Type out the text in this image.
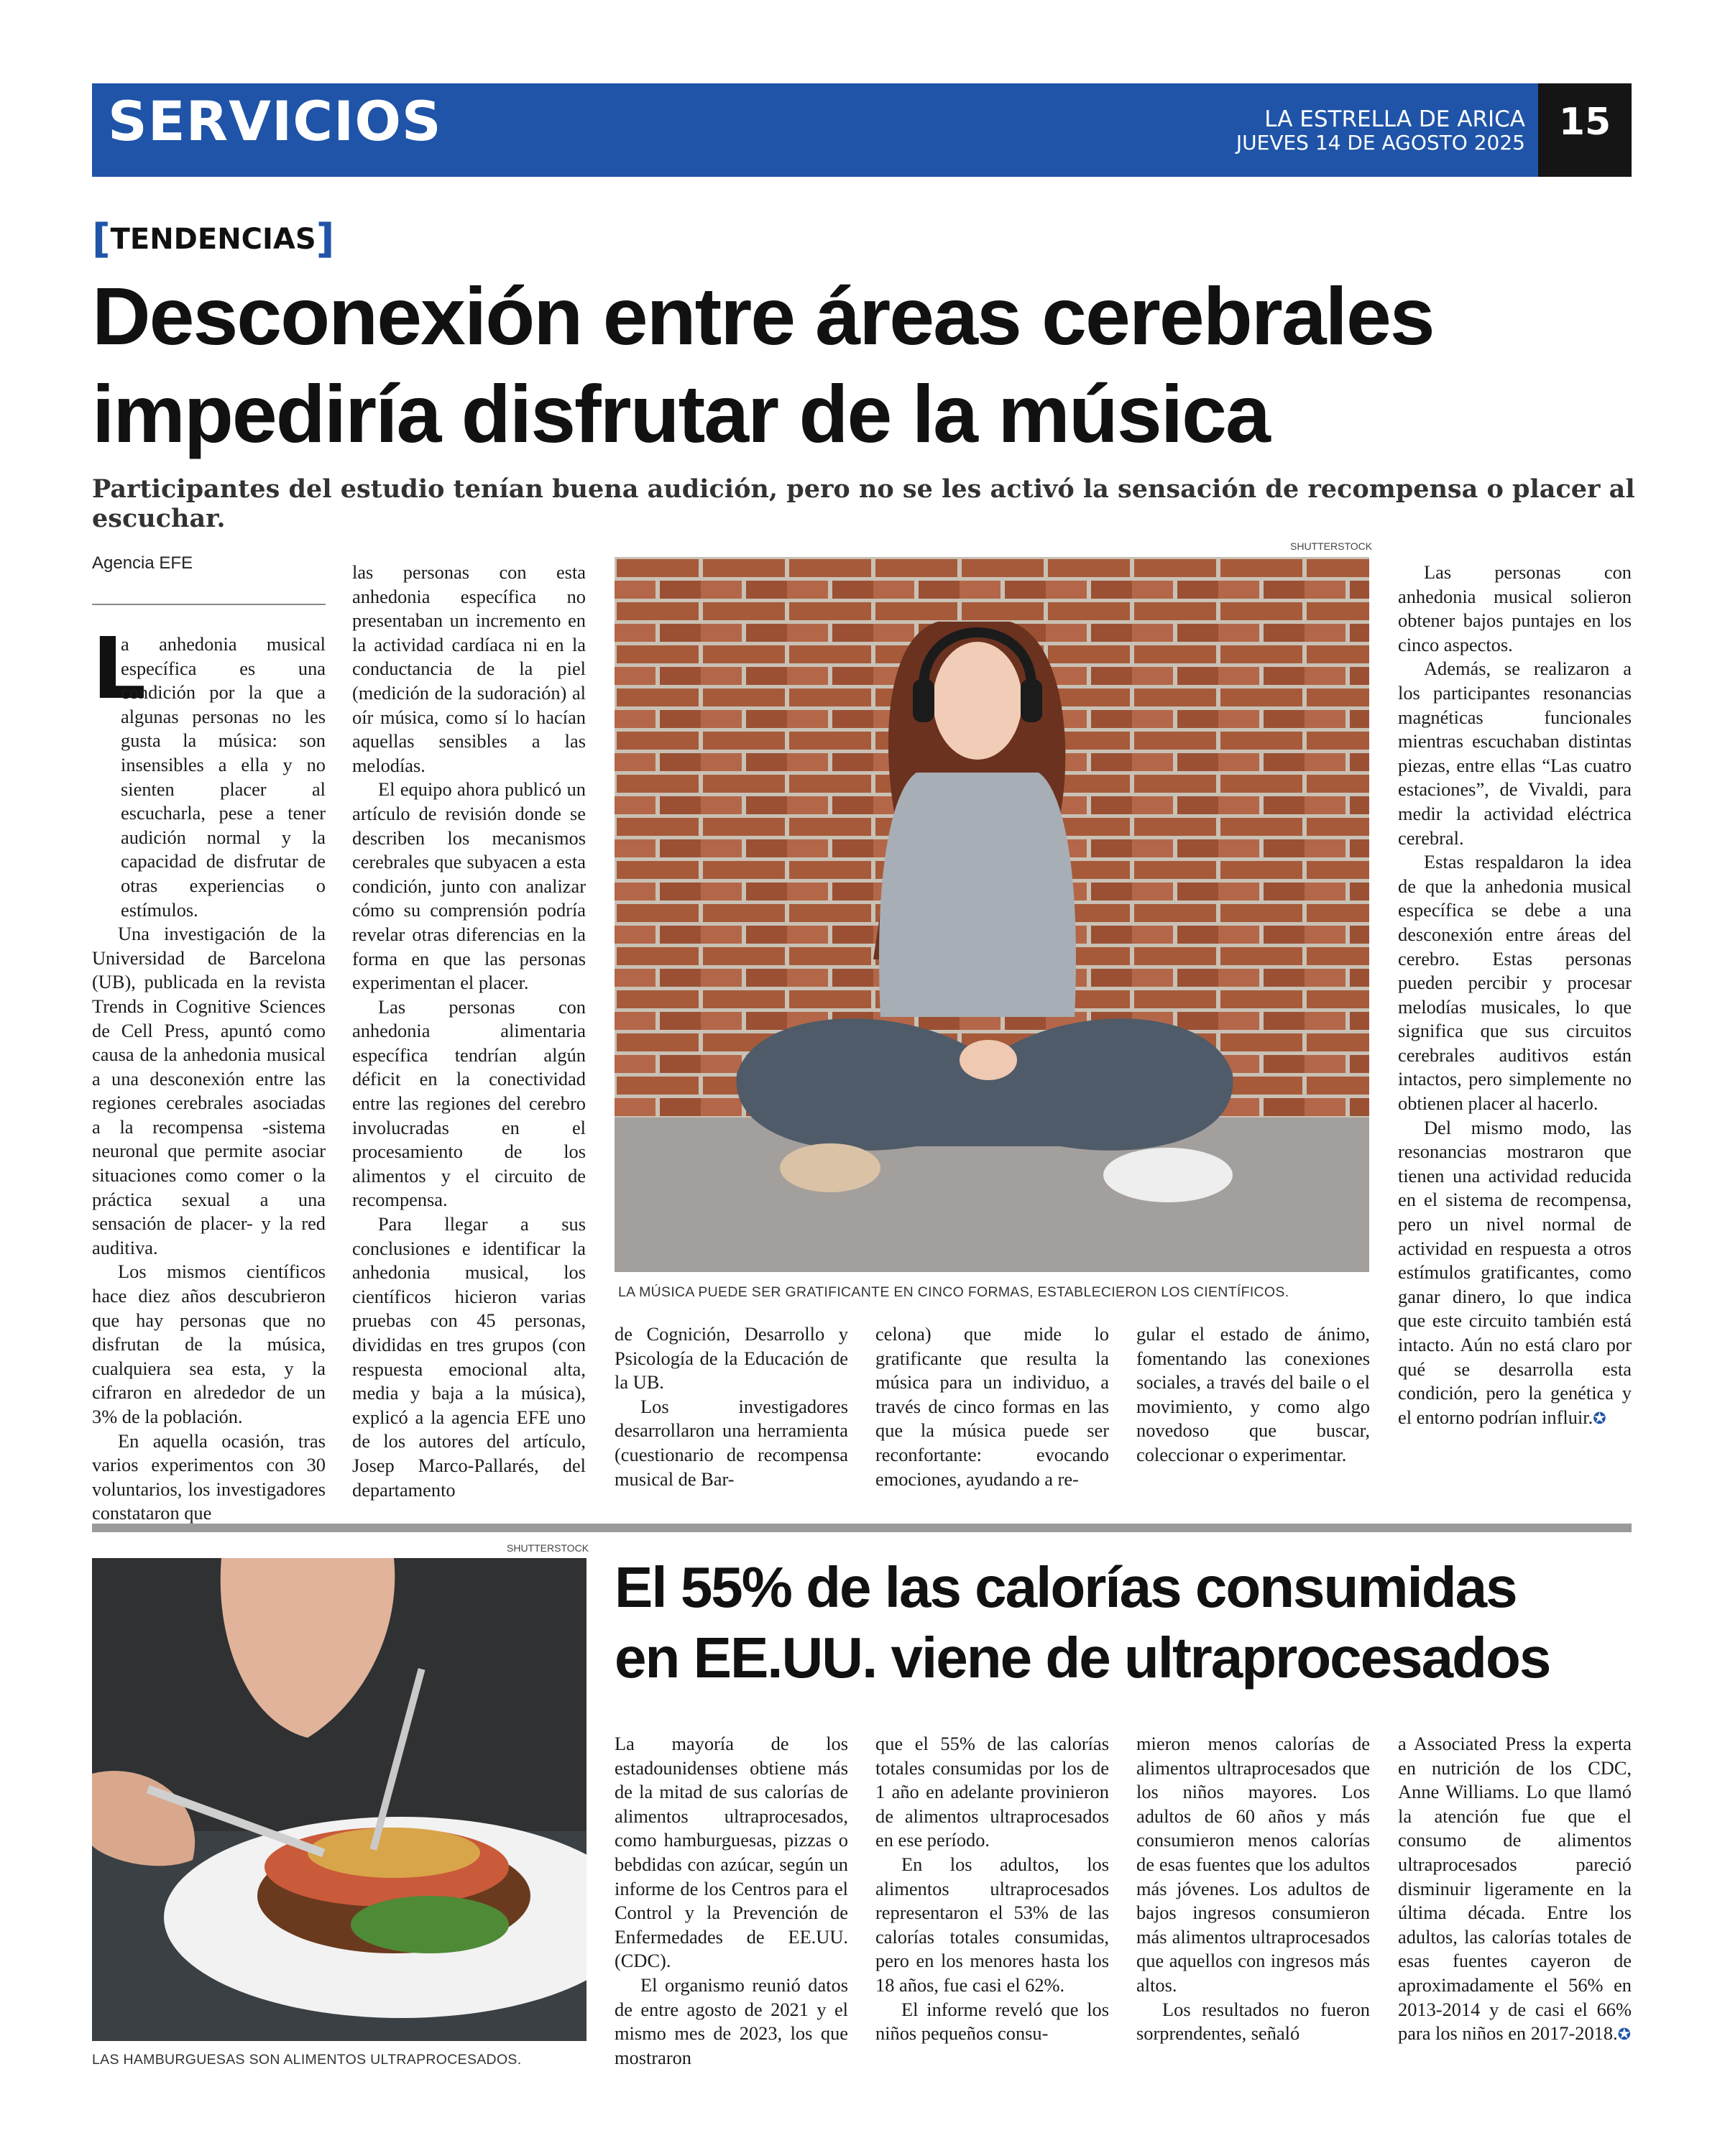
SERVICIOS	LA ESTRELLA DE ARICA
JUEVES 14 DE AGOSTO 2025 15
[TENDENCIAS]
Desconexión entre áreas cerebrales
impediría disfrutar de la música
Participantes del estudio tenían buena audición, pero no se les activó la sensación de recompensa o placer al escuchar.
Agencia EFE
L

a anhedonia musical específica es una condición por la que a algunas personas no les gusta la música: son insensibles a ella y no sienten placer al escucharla, pese a tener audición normal y la capacidad de disfrutar de otras experiencias o estímulos.

Una investigación de la Universidad de Barcelona (UB), publicada en la revista Trends in Cognitive Sciences de Cell Press, apuntó como causa de la anhedonia musical a una desconexión entre las regiones cerebrales asociadas a la recompensa -sistema neuronal que permite asociar situaciones como comer o la práctica sexual a una sensación de placer- y la red auditiva.

Los mismos científicos hace diez años descubrieron que hay personas que no disfrutan de la música, cualquiera sea esta, y la cifraron en alrededor de un 3% de la población.

En aquella ocasión, tras varios experimentos con 30 voluntarios, los investigadores constataron que

las personas con esta anhedonia específica no presentaban un incremento en la actividad cardíaca ni en la conductancia de la piel (medición de la sudoración) al oír música, como sí lo hacían aquellas sensibles a las melodías.

El equipo ahora publicó un artículo de revisión donde se describen los mecanismos cerebrales que subyacen a esta condición, junto con analizar cómo su comprensión podría revelar otras diferencias en la forma en que las personas experimentan el placer.

Las personas con anhedonia alimentaria específica tendrían algún déficit en la conectividad entre las regiones del cerebro involucradas en el procesamiento de los alimentos y el circuito de recompensa.

Para llegar a sus conclusiones e identificar la anhedonia musical, los científicos hicieron varias pruebas con 45 personas, divididas en tres grupos (con respuesta emocional alta, media y baja a la música), explicó a la agencia EFE uno de los autores del artículo, Josep Marco-Pallarés, del departamento

SHUTTERSTOCK
LA MÚSICA PUEDE SER GRATIFICANTE EN CINCO FORMAS, ESTABLECIERON LOS CIENTÍFICOS.

de Cognición, Desarrollo y Psicología de la Educación de la UB.

Los investigadores desarrollaron una herramienta (cuestionario de recompensa musical de Bar-

celona) que mide lo gratificante que resulta la música para un individuo, a través de cinco formas en las que la música puede ser reconfortante: evocando emociones, ayudando a re-

gular el estado de ánimo, fomentando las conexiones sociales, a través del baile o el movimiento, y como algo novedoso que buscar, coleccionar o experimentar.

Las personas con anhedonia musical solieron obtener bajos puntajes en los cinco aspectos.

Además, se realizaron a los participantes resonancias magnéticas funcionales mientras escuchaban distintas piezas, entre ellas “Las cuatro estaciones”, de Vivaldi, para medir la actividad eléctrica cerebral.

Estas respaldaron la idea de que la anhedonia musical específica se debe a una desconexión entre áreas del cerebro. Estas personas pueden percibir y procesar melodías musicales, lo que significa que sus circuitos cerebrales auditivos están intactos, pero simplemente no obtienen placer al hacerlo.

Del mismo modo, las resonancias mostraron que tienen una actividad reducida en el sistema de recompensa, pero un nivel normal de actividad en respuesta a otros estímulos gratificantes, como ganar dinero, lo que indica que este circuito también está intacto. Aún no está claro por qué se desarrolla esta condición, pero la genética y el entorno podrían influir.✪

SHUTTERSTOCK
LAS HAMBURGUESAS SON ALIMENTOS ULTRAPROCESADOS.
El 55% de las calorías consumidas
en EE.UU. viene de ultraprocesados

La mayoría de los estadounidenses obtiene más de la mitad de sus calorías de alimentos ultraprocesados, como hamburguesas, pizzas o bebdidas con azúcar, según un informe de los Centros para el Control y la Prevención de Enfermedades de EE.UU. (CDC).

El organismo reunió datos de entre agosto de 2021 y el mismo mes de 2023, los que mostraron

que el 55% de las calorías totales consumidas por los de 1 año en adelante provinieron de alimentos ultraprocesados en ese período.

En los adultos, los alimentos ultraprocesados representaron el 53% de las calorías totales consumidas, pero en los menores hasta los 18 años, fue casi el 62%.

El informe reveló que los niños pequeños consu-

mieron menos calorías de alimentos ultraprocesados que los niños mayores. Los adultos de 60 años y más consumieron menos calorías de esas fuentes que los adultos más jóvenes. Los adultos de bajos ingresos consumieron más alimentos ultraprocesados que aquellos con ingresos más altos.

Los resultados no fueron sorprendentes, señaló

a Associated Press la experta en nutrición de los CDC, Anne Williams. Lo que llamó la atención fue que el consumo de alimentos ultraprocesados pareció disminuir ligeramente en la última década. Entre los adultos, las calorías totales de esas fuentes cayeron de aproximadamente el 56% en 2013-2014 y de casi el 66% para los niños en 2017-2018.✪
